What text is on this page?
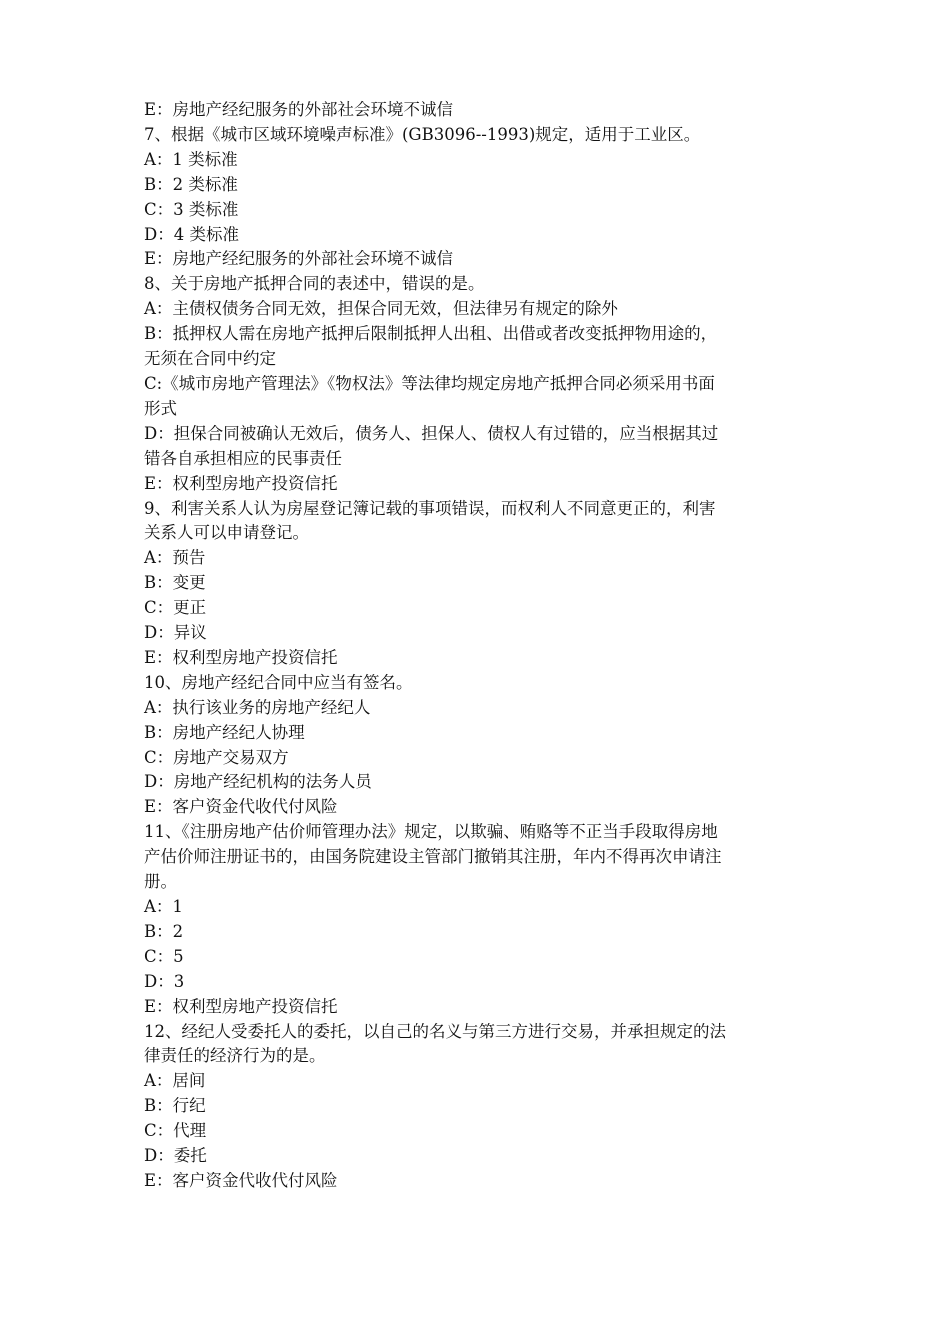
E：房地产经纪服务的外部社会环境不诚信
7、根据《城市区域环境噪声标准》(GB3096--1993)规定，适用于工业区。
A：1 类标准
B：2 类标准
C：3 类标准
D：4 类标准
E：房地产经纪服务的外部社会环境不诚信
8、关于房地产抵押合同的表述中，错误的是。
A：主债权债务合同无效，担保合同无效，但法律另有规定的除外
B：抵押权人需在房地产抵押后限制抵押人出租、出借或者改变抵押物用途的，
无须在合同中约定
C:《城市房地产管理法》《物权法》等法律均规定房地产抵押合同必须采用书面
形式
D：担保合同被确认无效后，债务人、担保人、债权人有过错的，应当根据其过
错各自承担相应的民事责任
E：权利型房地产投资信托
9、利害关系人认为房屋登记簿记载的事项错误，而权利人不同意更正的，利害
关系人可以申请登记。
A：预告
B：变更
C：更正
D：异议
E：权利型房地产投资信托
10、房地产经纪合同中应当有签名。
A：执行该业务的房地产经纪人
B：房地产经纪人协理
C：房地产交易双方
D：房地产经纪机构的法务人员
E：客户资金代收代付风险
11、《注册房地产估价师管理办法》规定，以欺骗、贿赂等不正当手段取得房地
产估价师注册证书的，由国务院建设主管部门撤销其注册，年内不得再次申请注
册。
A：1
B：2
C：5
D：3
E：权利型房地产投资信托
12、经纪人受委托人的委托，以自己的名义与第三方进行交易，并承担规定的法
律责任的经济行为的是。
A：居间
B：行纪
C：代理
D：委托
E：客户资金代收代付风险
